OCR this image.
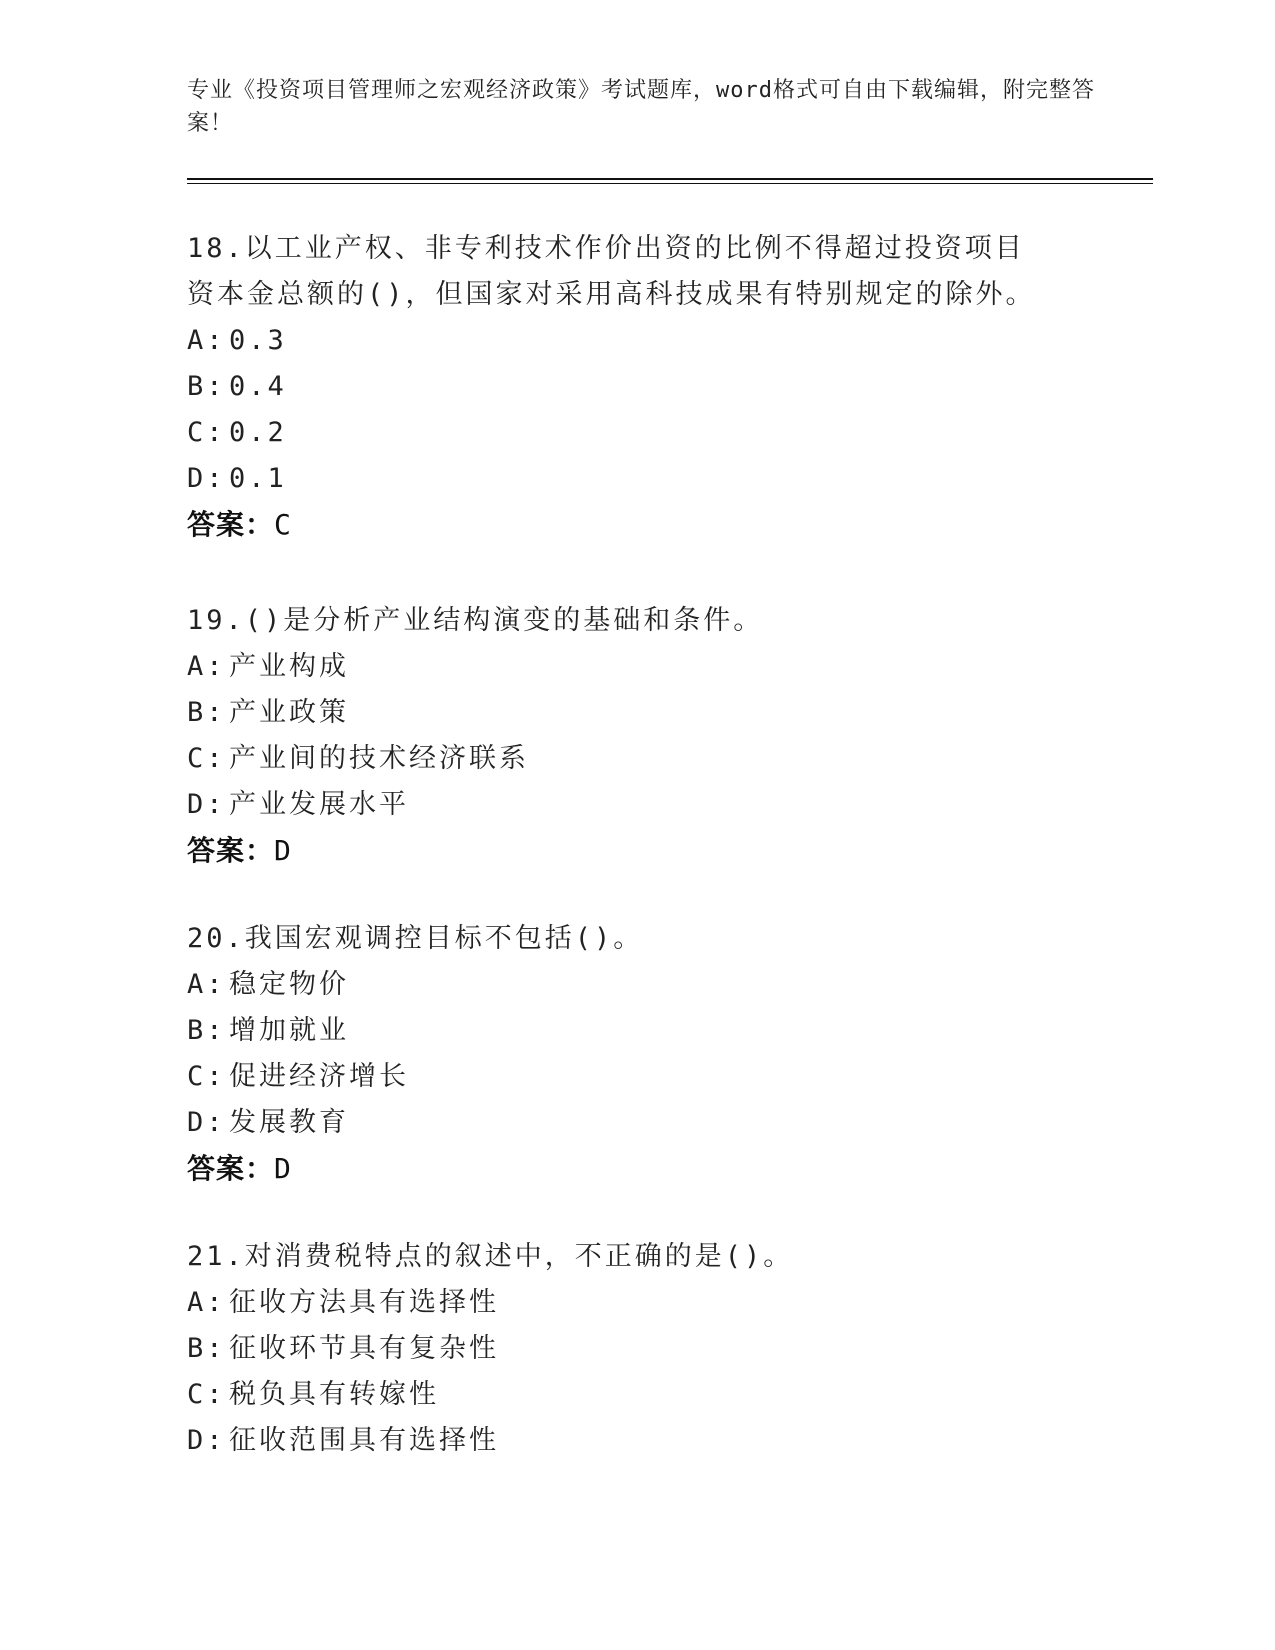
专业《投资项目管理师之宏观经济政策》考试题库，word格式可自由下载编辑，附完整答案！
18.以工业产权、非专利技术作价出资的比例不得超过投资项目资本金总额的()，但国家对采用高科技成果有特别规定的除外。
A: 0.3
B: 0.4
C: 0.2
D: 0.1
答案：C
19.()是分析产业结构演变的基础和条件。
A: 产业构成
B: 产业政策
C: 产业间的技术经济联系
D: 产业发展水平
答案：D
20.我国宏观调控目标不包括()。
A: 稳定物价
B: 增加就业
C: 促进经济增长
D: 发展教育
答案：D
21.对消费税特点的叙述中，不正确的是()。
A: 征收方法具有选择性
B: 征收环节具有复杂性
C: 税负具有转嫁性
D: 征收范围具有选择性
